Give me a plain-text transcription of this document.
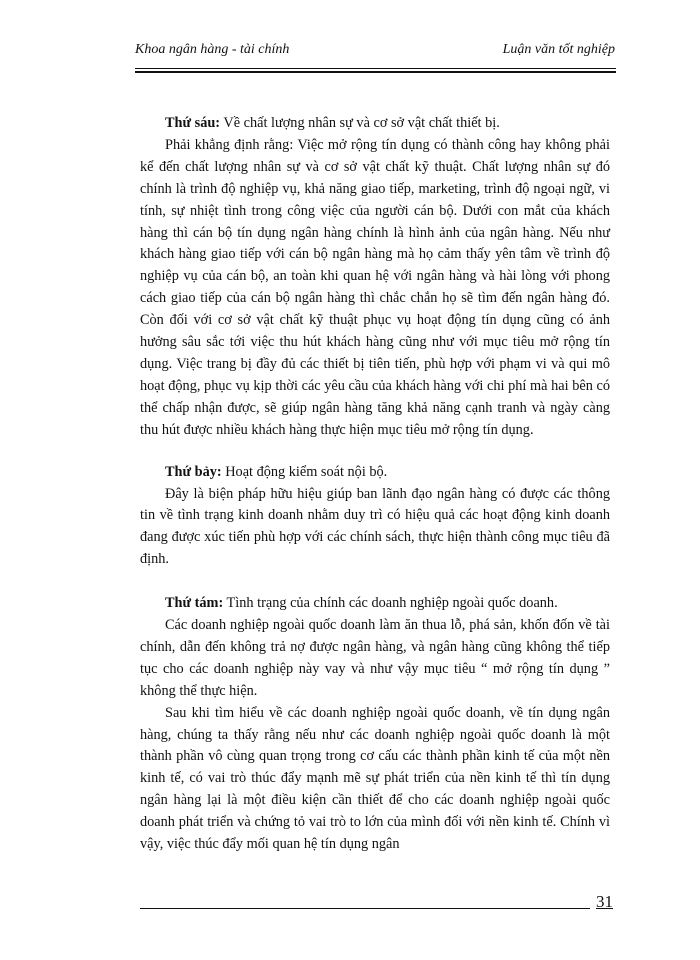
Khoa ngân hàng - tài chính	Luận văn tốt nghiệp

Thứ sáu: Về chất lượng nhân sự và cơ sở vật chất thiết bị.

Phải khẳng định rằng: Việc mở rộng tín dụng có thành công hay không phải kể đến chất lượng nhân sự và cơ sở vật chất kỹ thuật. Chất lượng nhân sự đó chính là trình độ nghiệp vụ, khả năng giao tiếp, marketing, trình độ ngoại ngữ, vi tính, sự nhiệt tình trong công việc của người cán bộ. Dưới con mắt của khách hàng thì cán bộ tín dụng ngân hàng chính là hình ảnh của ngân hàng. Nếu như khách hàng giao tiếp với cán bộ ngân hàng mà họ cảm thấy yên tâm về trình độ nghiệp vụ của cán bộ, an toàn khi quan hệ với ngân hàng và hài lòng với phong cách giao tiếp của cán bộ ngân hàng thì chắc chắn họ sẽ tìm đến ngân hàng đó. Còn đối với cơ sở vật chất kỹ thuật phục vụ hoạt động tín dụng cũng có ảnh hưởng sâu sắc tới việc thu hút khách hàng cũng như với mục tiêu mở rộng tín dụng. Việc trang bị đầy đủ các thiết bị tiên tiến, phù hợp với phạm vi và qui mô hoạt động, phục vụ kịp thời các yêu cầu của khách hàng với chi phí mà hai bên có thể chấp nhận được, sẽ giúp ngân hàng tăng khả năng cạnh tranh và ngày càng thu hút được nhiều khách hàng thực hiện mục tiêu mở rộng tín dụng.

Thứ bảy: Hoạt động kiểm soát nội bộ.

Đây là biện pháp hữu hiệu giúp ban lãnh đạo ngân hàng có được các thông tin về tình trạng kinh doanh nhằm duy trì có hiệu quả các hoạt động kinh doanh đang được xúc tiến phù hợp với các chính sách, thực hiện thành công mục tiêu đã định.

Thứ tám: Tình trạng của chính các doanh nghiệp ngoài quốc doanh.

Các doanh nghiệp ngoài quốc doanh làm ăn thua lỗ, phá sản, khốn đốn về tài chính, dẫn đến không trả nợ được ngân hàng, và ngân hàng cũng không thể tiếp tục cho các doanh nghiệp này vay và như vậy mục tiêu “ mở rộng tín dụng ” không thể thực hiện.

Sau khi tìm hiểu về các doanh nghiệp ngoài quốc doanh, về tín dụng ngân hàng, chúng ta thấy rằng nếu như các doanh nghiệp ngoài quốc doanh là một thành phần vô cùng quan trọng trong cơ cấu các thành phần kinh tế của một nền kinh tế, có vai trò thúc đẩy mạnh mẽ sự phát triển của nền kinh tế thì tín dụng ngân hàng lại là một điều kiện cần thiết để cho các doanh nghiệp ngoài quốc doanh phát triển và chứng tỏ vai trò to lớn của mình đối với nền kinh tế. Chính vì vậy, việc thúc đẩy mối quan hệ tín dụng ngân

31
